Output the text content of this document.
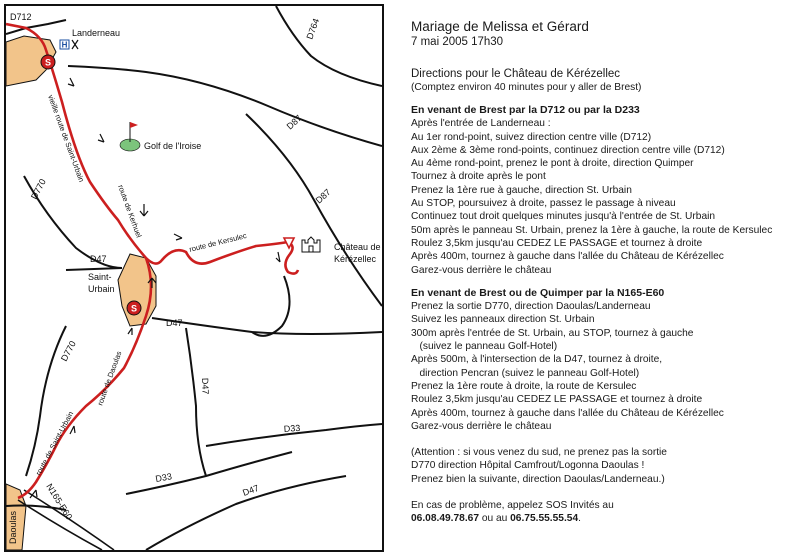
S
S
H
D712
D764
D87
D87
D770
D770
D47
D47
D47
D47
D33
D33
N165-E60
vieille route de Saint-Urbain
route de Kerhuel
route de Kersulec
route de Daoulas
route de Saint-Urbain
Landerneau
Golf de l'Iroise
Château de
Kérézellec
Saint-
Urbain
Daoulas
Mariage de Melissa et Gérard
7 mai 2005 17h30
Directions pour le Château de Kérézellec
(Comptez environ 40 minutes pour y aller de Brest)
En venant de Brest par la D712 ou par la D233
Après l'entrée de Landerneau :
Au 1er rond-point, suivez direction centre ville (D712)
Aux 2ème & 3ème rond-points, continuez direction centre ville (D712)
Au 4ème rond-point, prenez le pont à droite, direction Quimper
Tournez à droite après le pont
Prenez la 1ère rue à gauche, direction St. Urbain
Au STOP, poursuivez à droite, passez le passage à niveau
Continuez tout droit quelques minutes jusqu'à l'entrée de St. Urbain
50m après le panneau St. Urbain, prenez la 1ère à gauche, la route de Kersulec
Roulez 3,5km jusqu'au CEDEZ LE PASSAGE et tournez à droite
Après 400m, tournez à gauche dans l'allée du Château de Kérézellec
Garez-vous derrière le château
En venant de Brest ou de Quimper par la N165-E60
Prenez la sortie D770, direction Daoulas/Landerneau
Suivez les panneaux direction St. Urbain
300m après l'entrée de St. Urbain, au STOP, tournez à gauche
(suivez le panneau Golf-Hotel)
Après 500m, à l'intersection de la D47, tournez à droite,
direction Pencran (suivez le panneau Golf-Hotel)
Prenez la 1ère route à droite, la route de Kersulec
Roulez 3,5km jusqu'au CEDEZ LE PASSAGE et tournez à droite
Après 400m, tournez à gauche dans l'allée du Château de Kérézellec
Garez-vous derrière le château
(Attention : si vous venez du sud, ne prenez pas la sortie
D770 direction Hôpital Camfrout/Logonna Daoulas !
Prenez bien la suivante, direction Daoulas/Landerneau.)
En cas de problème, appelez SOS Invités au
06.08.49.78.67 ou au 06.75.55.55.54.
